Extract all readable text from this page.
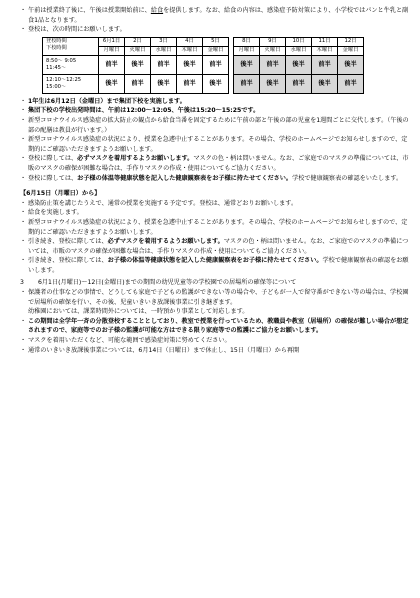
・ 午前は授業終了後に、午後は授業開始前に、給食を提供します。なお、給食の内容は、感染症予防対策により、小学校ではパンと牛乳と副食1品となります。

・ 登校は、次の時間にお願いします。

登校時間
下校時間	6月1日	2日	3日	4日	5日		8日	9日	10日	11日	12日
	月曜日	火曜日	水曜日	木曜日	金曜日		月曜日	火曜日	水曜日	木曜日	金曜日
8:50～ 9:05
11:45～	前半	後半	前半	後半	前半		後半	前半	後半	前半	後半
12:10～12:25
15:00～	後半	前半	後半	前半	後半		前半	後半	前半	後半	前半

・ 1年生は6月12日（金曜日）まで集団下校を実施します。

・ 集団下校の学校出発時間は、午前は12:00～12:05、午後は15:20～15:25です。

・ 新型コロナウイルス感染症の拡大防止の観点から給食当番を固定するために午前の部と午後の部の児童を1週間ごとに交代します。（午後の部の配膳は教員が行います。）

・ 新型コロナウイルス感染症の状況により、授業を急遽中止することがあります。その場合、学校のホームページでお知らせしますので、定期的にご確認いただきますようお願いします。

・ 登校に際しては、必ずマスクを着用するようお願いします。マスクの色・柄は問いません。なお、ご家庭でのマスクの準備については、市販のマスクの確保が困難な場合は、手作りマスクの作成・使用についてもご協力ください。

・ 登校に際しては、お子様の体温等健康状態を記入した健康観察表をお子様に持たせてください。学校で健康観察表の確認をいたします。

【6月15日（月曜日）から】

・ 感染防止策を講じたうえで、通常の授業を実施する予定です。登校は、通常どおりお願いします。

・ 給食を実施します。

・ 新型コロナウイルス感染症の状況により、授業を急遽中止することがあります。その場合、学校のホームページでお知らせしますので、定期的にご確認いただきますようお願いします。

・ 引き続き、登校に際しては、必ずマスクを着用するようお願いします。マスクの色・柄は問いません。なお、ご家庭でのマスクの準備については、市販のマスクの確保が困難な場合は、手作りマスクの作成・使用についてもご協力ください。

・ 引き続き、登校に際しては、お子様の体温等健康状態を記入した健康観察表をお子様に持たせてください。学校で健康観察表の確認をお願いします。

3 6月1日(月曜日)～12日(金曜日)までの期間の幼児児童等の学校園での居場所の確保等について

・ 保護者の仕事などの事情で、どうしても家庭で子どもの監護ができない等の場合や、子どもが一人で留守番ができない等の場合は、学校園で居場所の確保を行い、その後、児童いきいき放課後事業に引き継ぎます。

幼稚園においては、課業時間外については、一時預かり事業として対応します。

・ この期間は全学年一斉の分散登校することとしており、教室で授業を行っているため、教職員や教室（居場所）の確保が難しい場合が想定されますので、家庭等でのお子様の監護が可能な方はできる限り家庭等での監護にご協力をお願いします。

・ マスクを着用いただくなど、可能な範囲で感染症対策に努めてください。

・ 通常のいきいき放課後事業については、6月14日（日曜日）まで休止し、15日（月曜日）から再開
